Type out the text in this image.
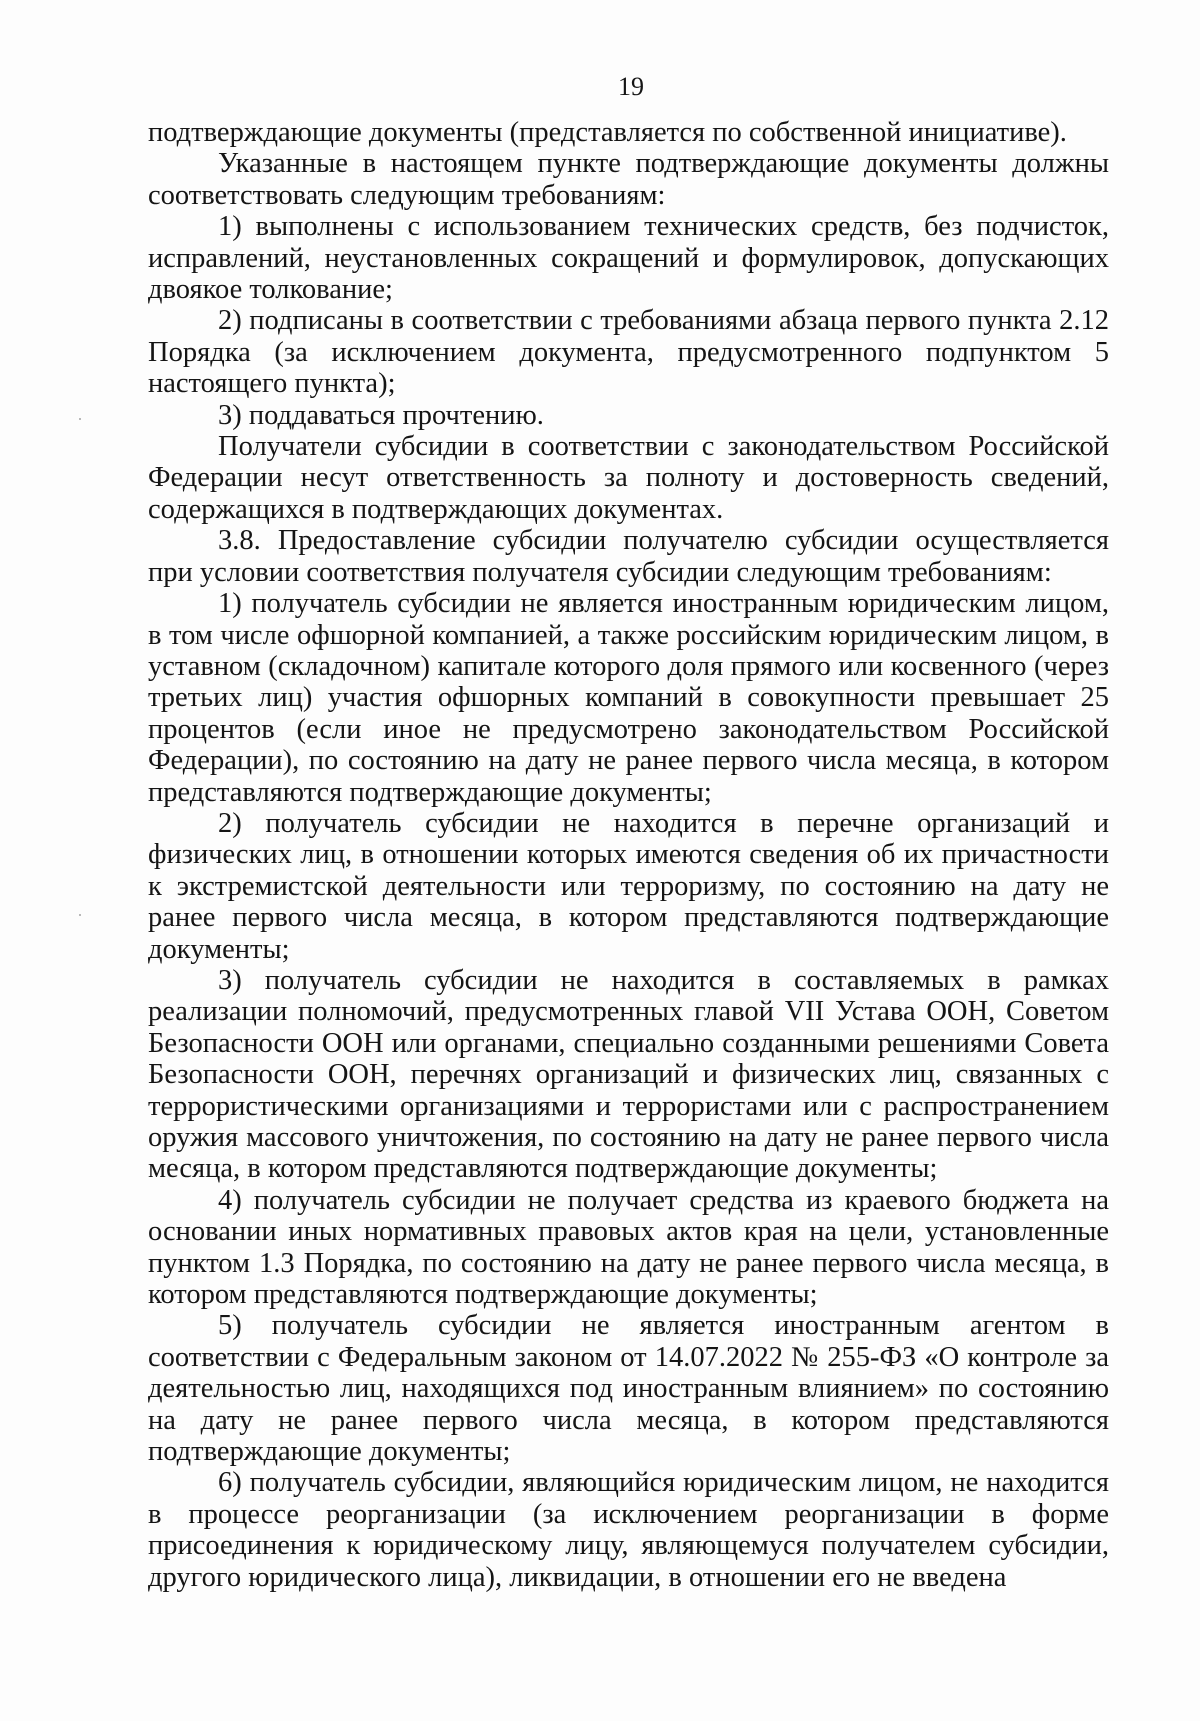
19

подтверждающие документы (представляется по собственной инициативе).

Указанные в настоящем пункте подтверждающие документы должны соответствовать следующим требованиям:

1) выполнены с использованием технических средств, без подчисток, исправлений, неустановленных сокращений и формулировок, допускающих двоякое толкование;

2) подписаны в соответствии с требованиями абзаца первого пункта 2.12 Порядка (за исключением документа, предусмотренного подпунктом 5 настоящего пункта);

3) поддаваться прочтению.

Получатели субсидии в соответствии с законодательством Российской Федерации несут ответственность за полноту и достоверность сведений, содержащихся в подтверждающих документах.

3.8. Предоставление субсидии получателю субсидии осуществляется при условии соответствия получателя субсидии следующим требованиям:

1) получатель субсидии не является иностранным юридическим лицом, в том числе офшорной компанией, а также российским юридическим лицом, в уставном (складочном) капитале которого доля прямого или косвенного (через третьих лиц) участия офшорных компаний в совокупности превышает 25 процентов (если иное не предусмотрено законодательством Российской Федерации), по состоянию на дату не ранее первого числа месяца, в котором представляются подтверждающие документы;

2) получатель субсидии не находится в перечне организаций и физических лиц, в отношении которых имеются сведения об их причастности к экстремистской деятельности или терроризму, по состоянию на дату не ранее первого числа месяца, в котором представляются подтверждающие документы;

3) получатель субсидии не находится в составляемых в рамках реализации полномочий, предусмотренных главой VII Устава ООН, Советом Безопасности ООН или органами, специально созданными решениями Совета Безопасности ООН, перечнях организаций и физических лиц, связанных с террористическими организациями и террористами или с распространением оружия массового уничтожения, по состоянию на дату не ранее первого числа месяца, в котором представляются подтверждающие документы;

4) получатель субсидии не получает средства из краевого бюджета на основании иных нормативных правовых актов края на цели, установленные пунктом 1.3 Порядка, по состоянию на дату не ранее первого числа месяца, в котором представляются подтверждающие документы;

5) получатель субсидии не является иностранным агентом в соответствии с Федеральным законом от 14.07.2022 № 255-ФЗ «О контроле за деятельностью лиц, находящихся под иностранным влиянием» по состоянию на дату не ранее первого числа месяца, в котором представляются подтверждающие документы;

6) получатель субсидии, являющийся юридическим лицом, не находится в процессе реорганизации (за исключением реорганизации в форме присоединения к юридическому лицу, являющемуся получателем субсидии, другого юридического лица), ликвидации, в отношении его не введена
